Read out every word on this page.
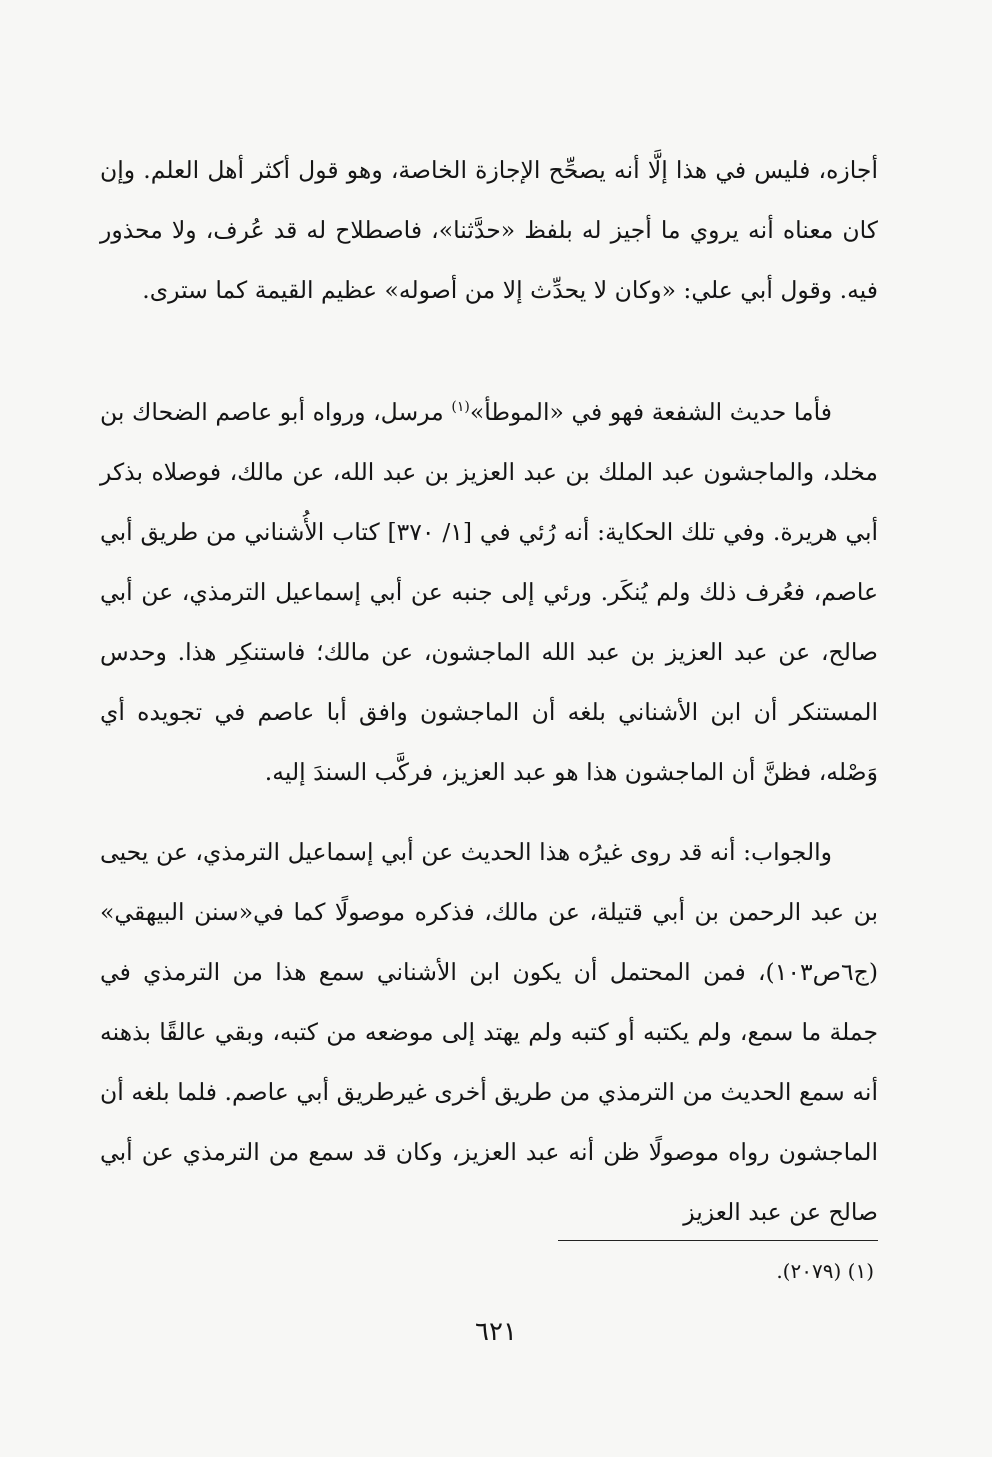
أجازه، فليس في هذا إلَّا أنه يصحِّح الإجازة الخاصة، وهو قول أكثر أهل العلم. وإن كان معناه أنه يروي ما أجيز له بلفظ «حدَّثنا»، فاصطلاح له قد عُرف، ولا محذور فيه. وقول أبي علي: «وكان لا يحدِّث إلا من أصوله» عظيم القيمة كما سترى.

فأما حديث الشفعة فهو في «الموطأ»$^{(١)}$ مرسل، ورواه أبو عاصم الضحاك بن مخلد، والماجشون عبد الملك بن عبد العزيز بن عبد الله، عن مالك، فوصلاه بذكر أبي هريرة. وفي تلك الحكاية: أنه رُئي في [١/ ٣٧٠] كتاب الأُشناني من طريق أبي عاصم، فعُرف ذلك ولم يُنكَر. ورئي إلى جنبه عن أبي إسماعيل الترمذي، عن أبي صالح، عن عبد العزيز بن عبد الله الماجشون، عن مالك؛ فاستنكِر هذا. وحدس المستنكر أن ابن الأشناني بلغه أن الماجشون وافق أبا عاصم في تجويده أي وَصْله، فظنَّ أن الماجشون هذا هو عبد العزيز، فركَّب السندَ إليه.

والجواب: أنه قد روى غيرُه هذا الحديث عن أبي إسماعيل الترمذي، عن يحيى بن عبد الرحمن بن أبي قتيلة، عن مالك، فذكره موصولًا كما في«سنن البيهقي» (ج٦ص١٠٣)، فمن المحتمل أن يكون ابن الأشناني سمع هذا من الترمذي في جملة ما سمع، ولم يكتبه أو كتبه ولم يهتد إلى موضعه من كتبه، وبقي عالقًا بذهنه أنه سمع الحديث من الترمذي من طريق أخرى غيرطريق أبي عاصم. فلما بلغه أن الماجشون رواه موصولًا ظن أنه عبد العزيز، وكان قد سمع من الترمذي عن أبي صالح عن عبد العزيز

(١) (٢٠٧٩).
٦٢١
